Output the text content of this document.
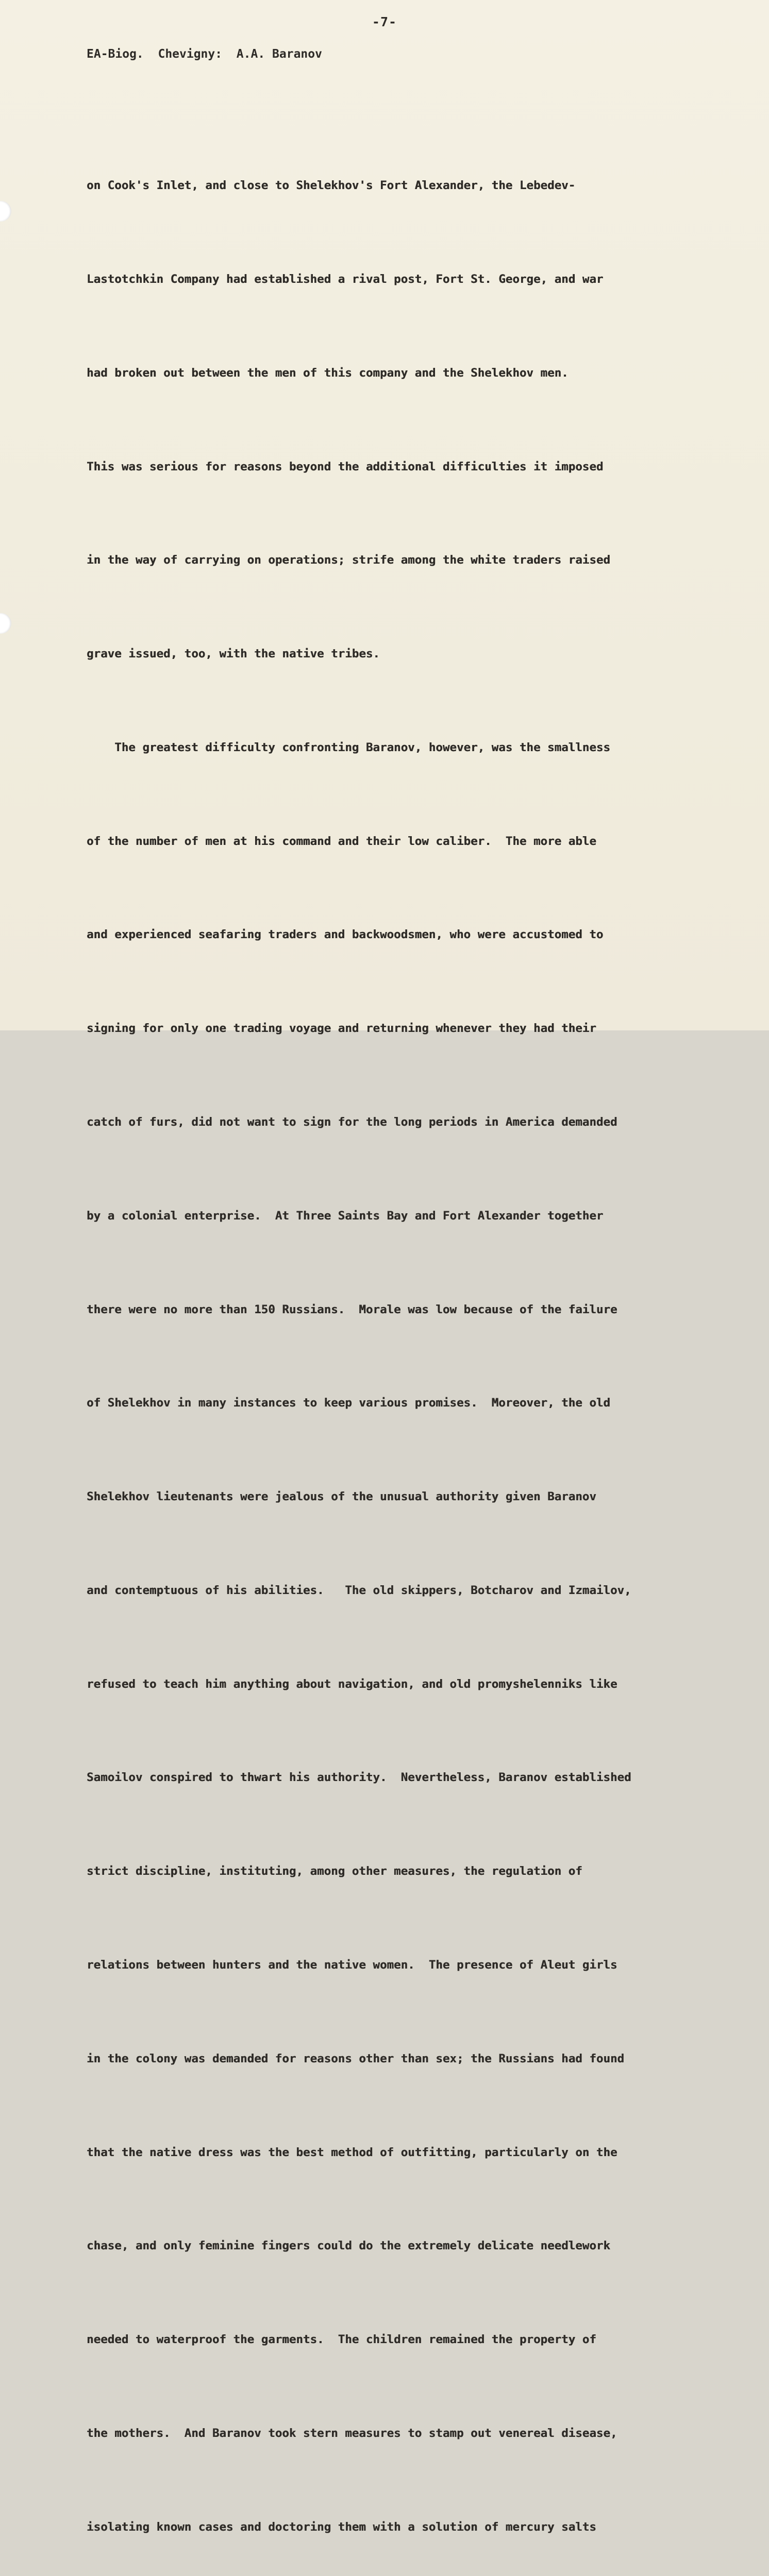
-7-
EA-Biog.  Chevigny:  A.A. Baranov

on Cook's Inlet, and close to Shelekhov's Fort Alexander, the Lebedev-

Lastotchkin Company had established a rival post, Fort St. George, and war

had broken out between the men of this company and the Shelekhov men.

This was serious for reasons beyond the additional difficulties it imposed

in the way of carrying on operations; strife among the white traders raised

grave issued, too, with the native tribes.

The greatest difficulty confronting Baranov, however, was the smallness

of the number of men at his command and their low caliber.  The more able

and experienced seafaring traders and backwoodsmen, who were accustomed to

signing for only one trading voyage and returning whenever they had their

catch of furs, did not want to sign for the long periods in America demanded

by a colonial enterprise.  At Three Saints Bay and Fort Alexander together

there were no more than 150 Russians.  Morale was low because of the failure

of Shelekhov in many instances to keep various promises.  Moreover, the old

Shelekhov lieutenants were jealous of the unusual authority given Baranov

and contemptuous of his abilities.   The old skippers, Botcharov and Izmailov,

refused to teach him anything about navigation, and old promyshelenniks like

Samoilov conspired to thwart his authority.  Nevertheless, Baranov established

strict discipline, instituting, among other measures, the regulation of

relations between hunters and the native women.  The presence of Aleut girls

in the colony was demanded for reasons other than sex; the Russians had found

that the native dress was the best method of outfitting, particularly on the

chase, and only feminine fingers could do the extremely delicate needlework

needed to waterproof the garments.  The children remained the property of

the mothers.  And Baranov took stern measures to stamp out venereal disease,

isolating known cases and doctoring them with a solution of mercury salts
